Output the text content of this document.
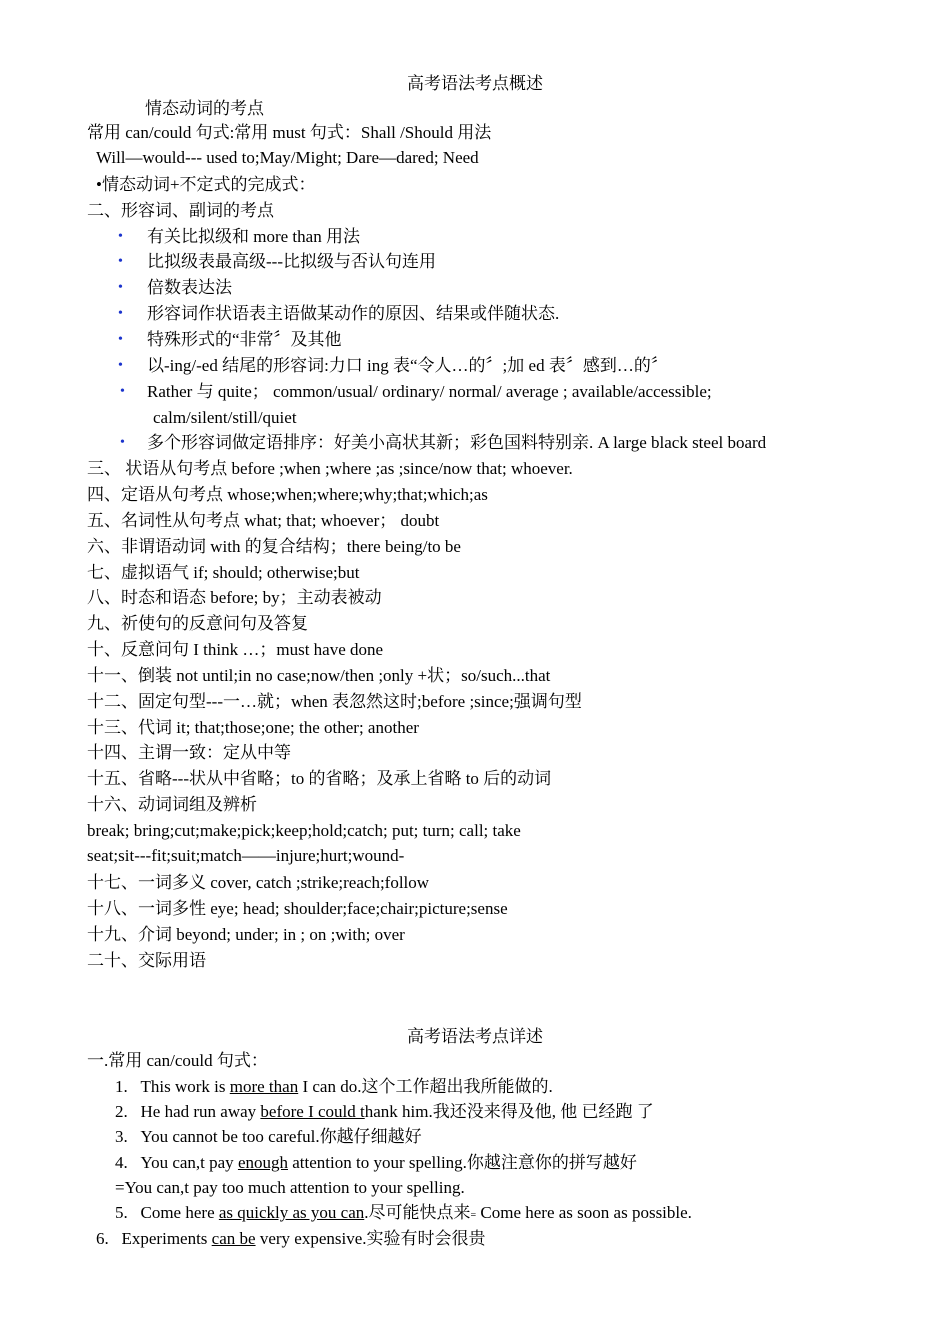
高考语法考点概述
情态动词的考点
常用 can/could 句式:常用 must 句式：Shall /Should 用法
Will—would--- used to;May/Might; Dare—dared; Need
•情态动词+不定式的完成式：
二、形容词、副词的考点
• 有关比拟级和 more than 用法
• 比拟级表最高级---比拟级与否认句连用
• 倍数表达法
• 形容词作状语表主语做某动作的原因、结果或伴随状态.
• 特殊形式的“非常〞及其他
• 以-ing/-ed 结尾的形容词:力口 ing 表“令人…的〞;加 ed 表〞感到…的〞
• Rather 与 quite； common/usual/ ordinary/ normal/ average ; available/accessible;
calm/silent/still/quiet
• 多个形容词做定语排序：好美小高状其新；彩色国料特别亲. A large black steel board
三、 状语从句考点 before ;when ;where ;as ;since/now that; whoever.
四、定语从句考点 whose;when;where;why;that;which;as
五、名词性从句考点 what; that; whoever； doubt
六、非谓语动词 with 的复合结构；there being/to be
七、虚拟语气 if; should; otherwise;but
八、时态和语态 before; by；主动表被动
九、祈使句的反意问句及答复
十、反意问句 I think …；must have done
十一、倒装 not until;in no case;now/then ;only +状；so/such...that
十二、固定句型---一…就；when 表忽然这时;before ;since;强调句型
十三、代词 it; that;those;one; the other; another
十四、主谓一致：定从中等
十五、省略---状从中省略；to 的省略；及承上省略 to 后的动词
十六、动词词组及辨析
break; bring;cut;make;pick;keep;hold;catch; put; turn; call; take
seat;sit---fit;suit;match——injure;hurt;wound-
十七、一词多义 cover, catch ;strike;reach;follow
十八、一词多性 eye; head; shoulder;face;chair;picture;sense
十九、介词 beyond; under; in ; on ;with; over
二十、交际用语
高考语法考点详述
一.常用 can/could 句式：
1. This work is more than I can do.这个工作超出我所能做的.
2. He had run away before I could thank him.我还没来得及他, 他 已经跑 了
3. You cannot be too careful.你越仔细越好
4. You can,t pay enough attention to your spelling.你越注意你的拼写越好
=You can,t pay too much attention to your spelling.
5. Come here as quickly as you can.尽可能快点来= Come here as soon as possible.
6. Experiments can be very expensive.实验有时会很贵
